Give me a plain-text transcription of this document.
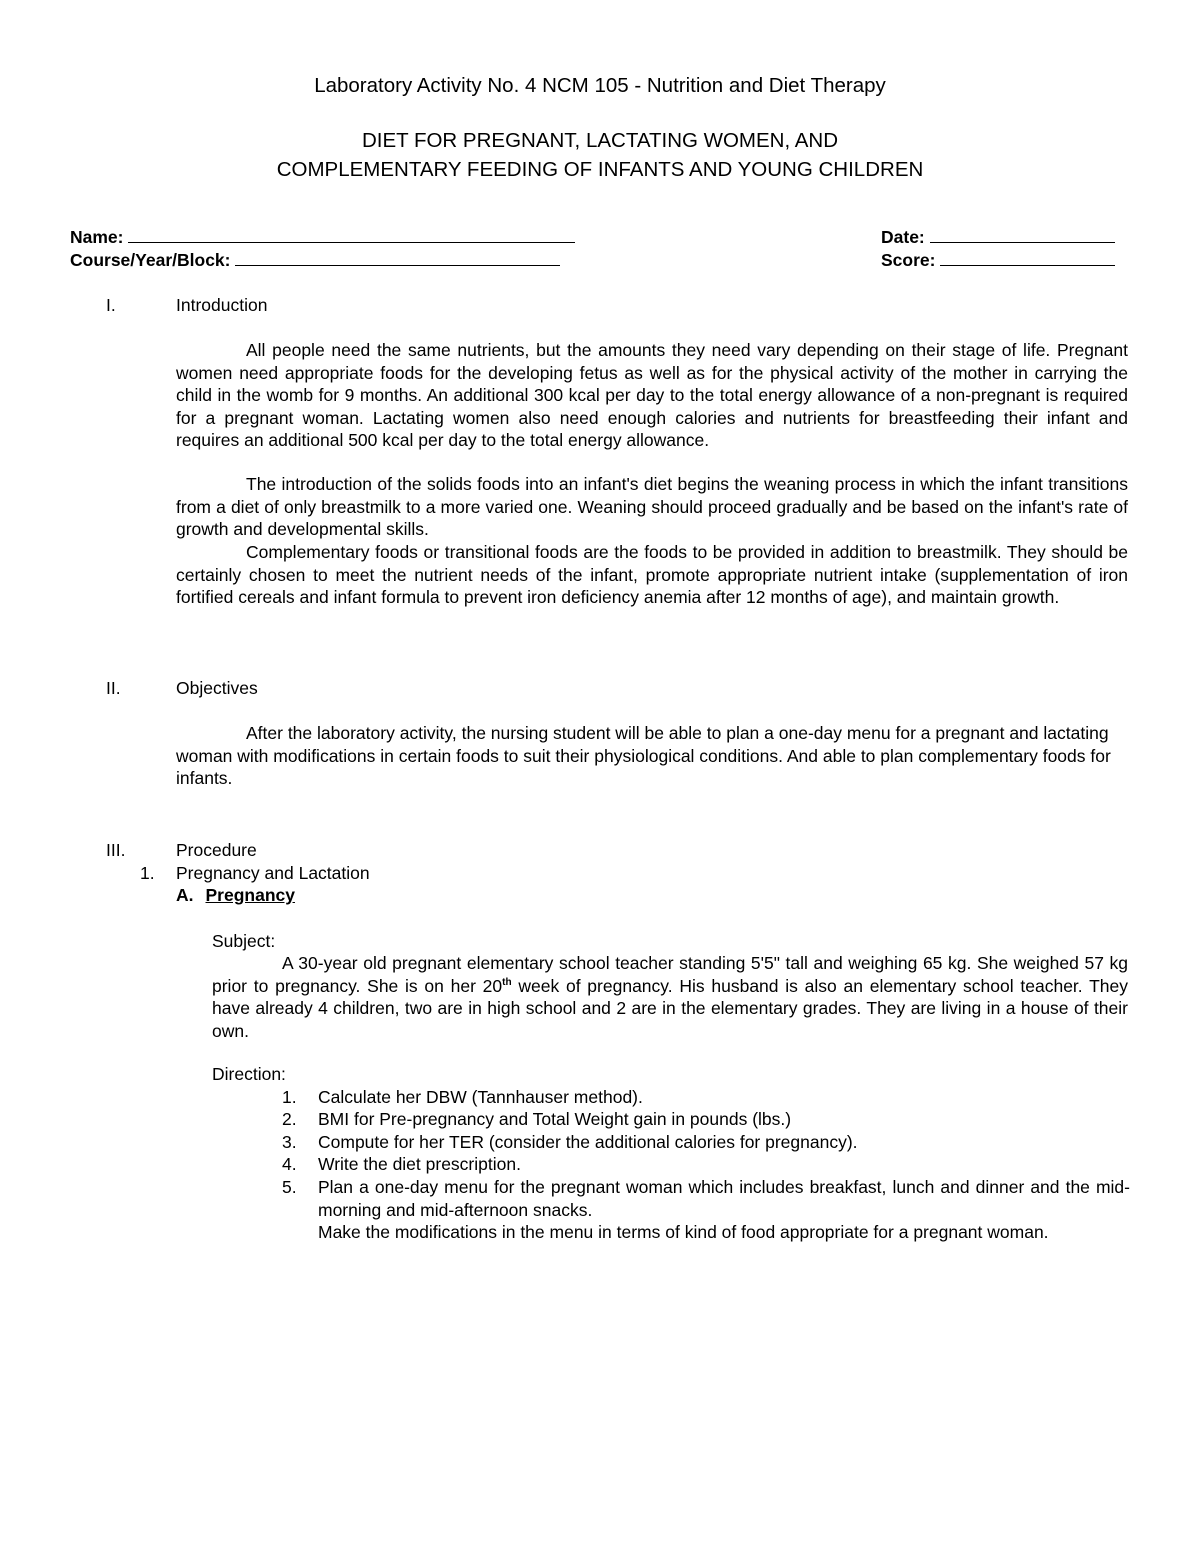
Laboratory Activity No. 4 NCM 105 - Nutrition and Diet Therapy
DIET FOR PREGNANT, LACTATING WOMEN, AND
COMPLEMENTARY FEEDING OF INFANTS AND YOUNG CHILDREN
Name:
Course/Year/Block:
Date:
Score:
I.	Introduction
All people need the same nutrients, but the amounts they need vary depending on their stage of life. Pregnant women need appropriate foods for the developing fetus as well as for the physical activity of the mother in carrying the child in the womb for 9 months. An additional 300 kcal per day to the total energy allowance of a non-pregnant is required for a pregnant woman. Lactating women also need enough calories and nutrients for breastfeeding their infant and requires an additional 500 kcal per day to the total energy allowance.
The introduction of the solids foods into an infant's diet begins the weaning process in which the infant transitions from a diet of only breastmilk to a more varied one. Weaning should proceed gradually and be based on the infant's rate of growth and developmental skills.
Complementary foods or transitional foods are the foods to be provided in addition to breastmilk. They should be certainly chosen to meet the nutrient needs of the infant, promote appropriate nutrient intake (supplementation of iron fortified cereals and infant formula to prevent iron deficiency anemia after 12 months of age), and maintain growth.
II.	Objectives
After the laboratory activity, the nursing student will be able to plan a one-day menu for a pregnant and lactating woman with modifications in certain foods to suit their physiological conditions. And able to plan complementary foods for infants.
III.	Procedure
1. Pregnancy and Lactation
A. Pregnancy
Subject:
A 30-year old pregnant elementary school teacher standing 5'5" tall and weighing 65 kg. She weighed 57 kg prior to pregnancy. She is on her 20th week of pregnancy. His husband is also an elementary school teacher. They have already 4 children, two are in high school and 2 are in the elementary grades. They are living in a house of their own.
Direction:
1. Calculate her DBW (Tannhauser method).
2. BMI for Pre-pregnancy and Total Weight gain in pounds (lbs.)
3. Compute for her TER (consider the additional calories for pregnancy).
4. Write the diet prescription.
5. Plan a one-day menu for the pregnant woman which includes breakfast, lunch and dinner and the mid-morning and mid-afternoon snacks.
Make the modifications in the menu in terms of kind of food appropriate for a pregnant woman.
